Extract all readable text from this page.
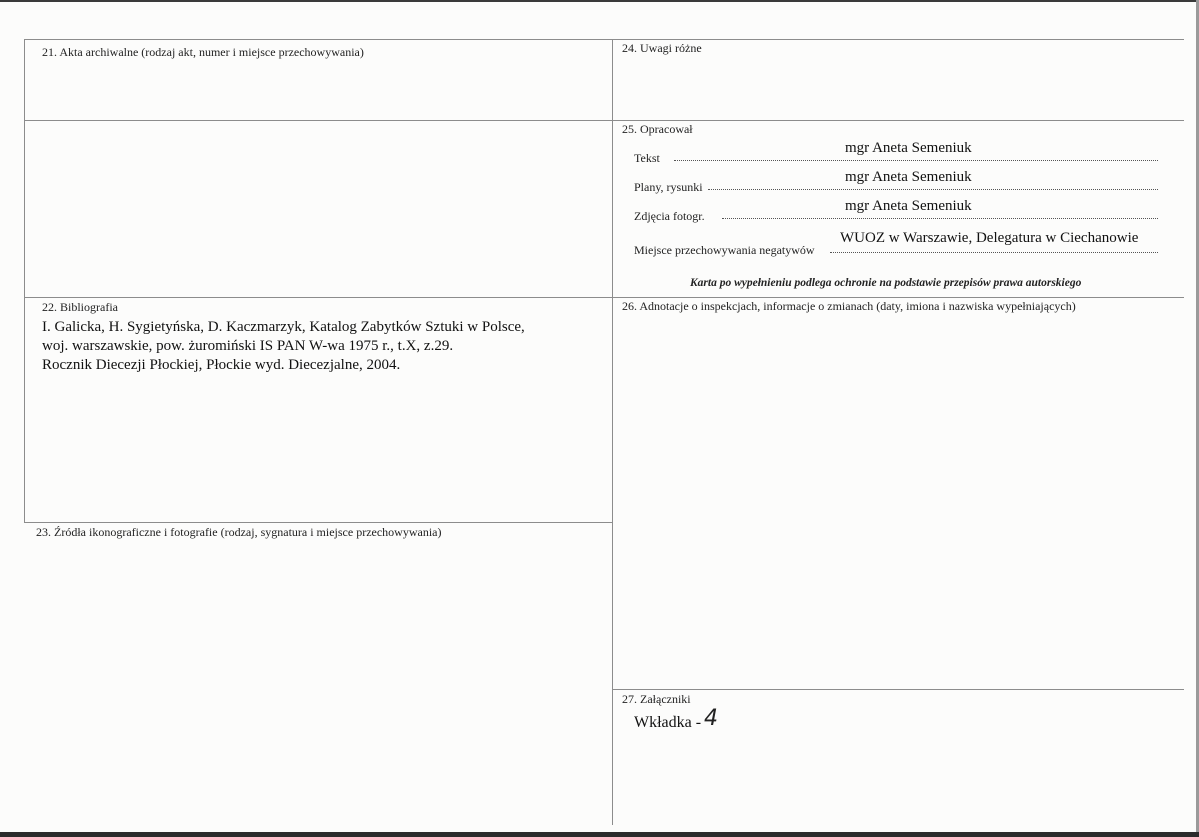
21. Akta archiwalne (rodzaj akt, numer i miejsce przechowywania)	24. Uwagi różne
25. Opracował
Tekst
mgr Aneta Semeniuk
Plany, rysunki
mgr Aneta Semeniuk
Zdjęcia fotogr.
mgr Aneta Semeniuk
Miejsce przechowywania negatywów
WUOZ w Warszawie, Delegatura w Ciechanowie
Karta po wypełnieniu podlega ochronie na podstawie przepisów prawa autorskiego
22. Bibliografia
I. Galicka, H. Sygietyńska, D. Kaczmarzyk, Katalog Zabytków Sztuki w Polsce,
woj. warszawskie, pow. żuromiński IS PAN W-wa 1975 r., t.X, z.29.
Rocznik Diecezji Płockiej, Płockie wyd. Diecezjalne, 2004.
26. Adnotacje o inspekcjach, informacje o zmianach (daty, imiona i nazwiska wypełniających)
23. Źródła ikonograficzne i fotografie (rodzaj, sygnatura i miejsce przechowywania)
27. Załączniki
Wkładka - 4
